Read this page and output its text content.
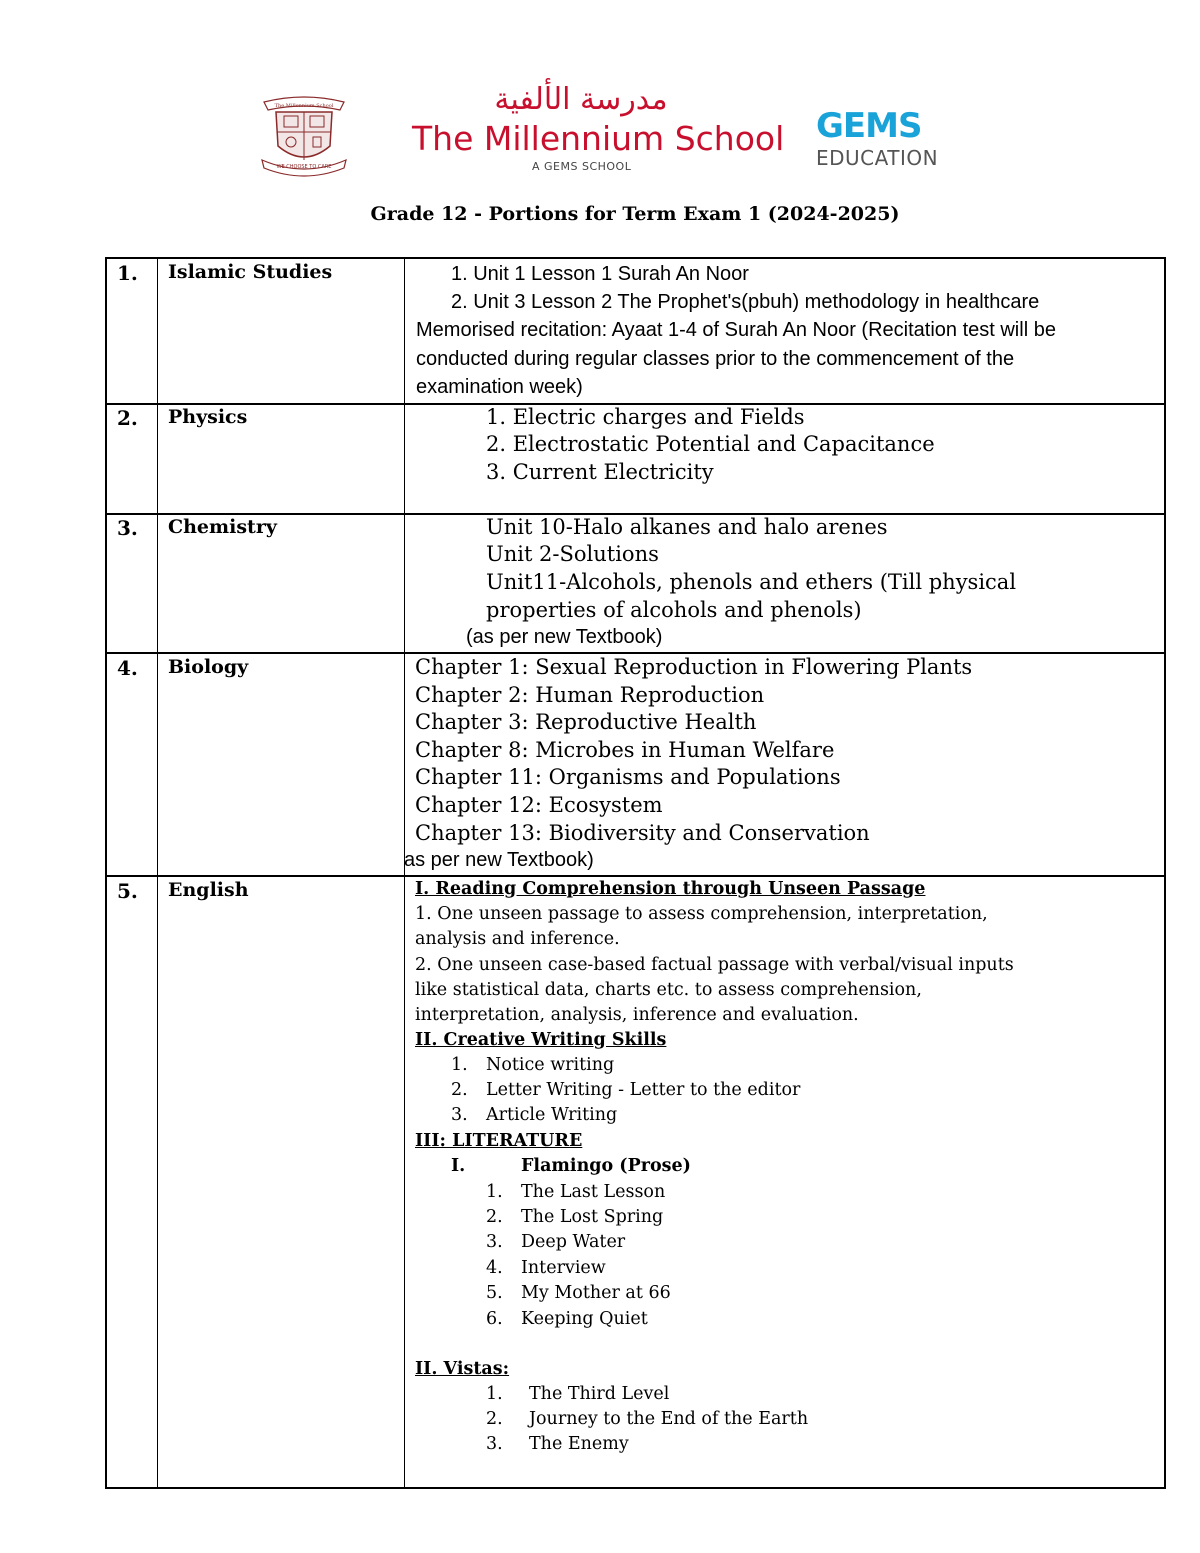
The Millennium School
WE CHOOSE TO CARE
مدرسة الألفية
The Millennium School
A GEMS SCHOOL
GEMS
EDUCATION
Grade 12 - Portions for Term Exam 1 (2024-2025)
1. Islamic Studies	1. Unit 1 Lesson 1 Surah An Noor
2. Unit 3 Lesson 2 The Prophet's(pbuh) methodology in healthcare
Memorised recitation: Ayaat 1-4 of Surah An Noor (Recitation test will be
conducted during regular classes prior to the commencement of the
examination week)
2. Physics	1. Electric charges and Fields
2. Electrostatic Potential and Capacitance
3. Current Electricity
3. Chemistry	Unit 10-Halo alkanes and halo arenes
Unit 2-Solutions
Unit11-Alcohols, phenols and ethers (Till physical
properties of alcohols and phenols)
(as per new Textbook)
4. Biology	Chapter 1: Sexual Reproduction in Flowering Plants
Chapter 2: Human Reproduction
Chapter 3: Reproductive Health
Chapter 8: Microbes in Human Welfare
Chapter 11: Organisms and Populations
Chapter 12: Ecosystem
Chapter 13: Biodiversity and Conservation
as per new Textbook)
5. English	I. Reading Comprehension through Unseen Passage
1. One unseen passage to assess comprehension, interpretation,
analysis and inference.
2. One unseen case-based factual passage with verbal/visual inputs
like statistical data, charts etc. to assess comprehension,
interpretation, analysis, inference and evaluation.
II. Creative Writing Skills
1. Notice writing
2. Letter Writing - Letter to the editor
3. Article Writing
III: LITERATURE
I.	Flamingo (Prose)
1. The Last Lesson
2. The Lost Spring
3. Deep Water
4. Interview
5. My Mother at 66
6. Keeping Quiet
II. Vistas:
1. The Third Level
2. Journey to the End of the Earth
3. The Enemy
